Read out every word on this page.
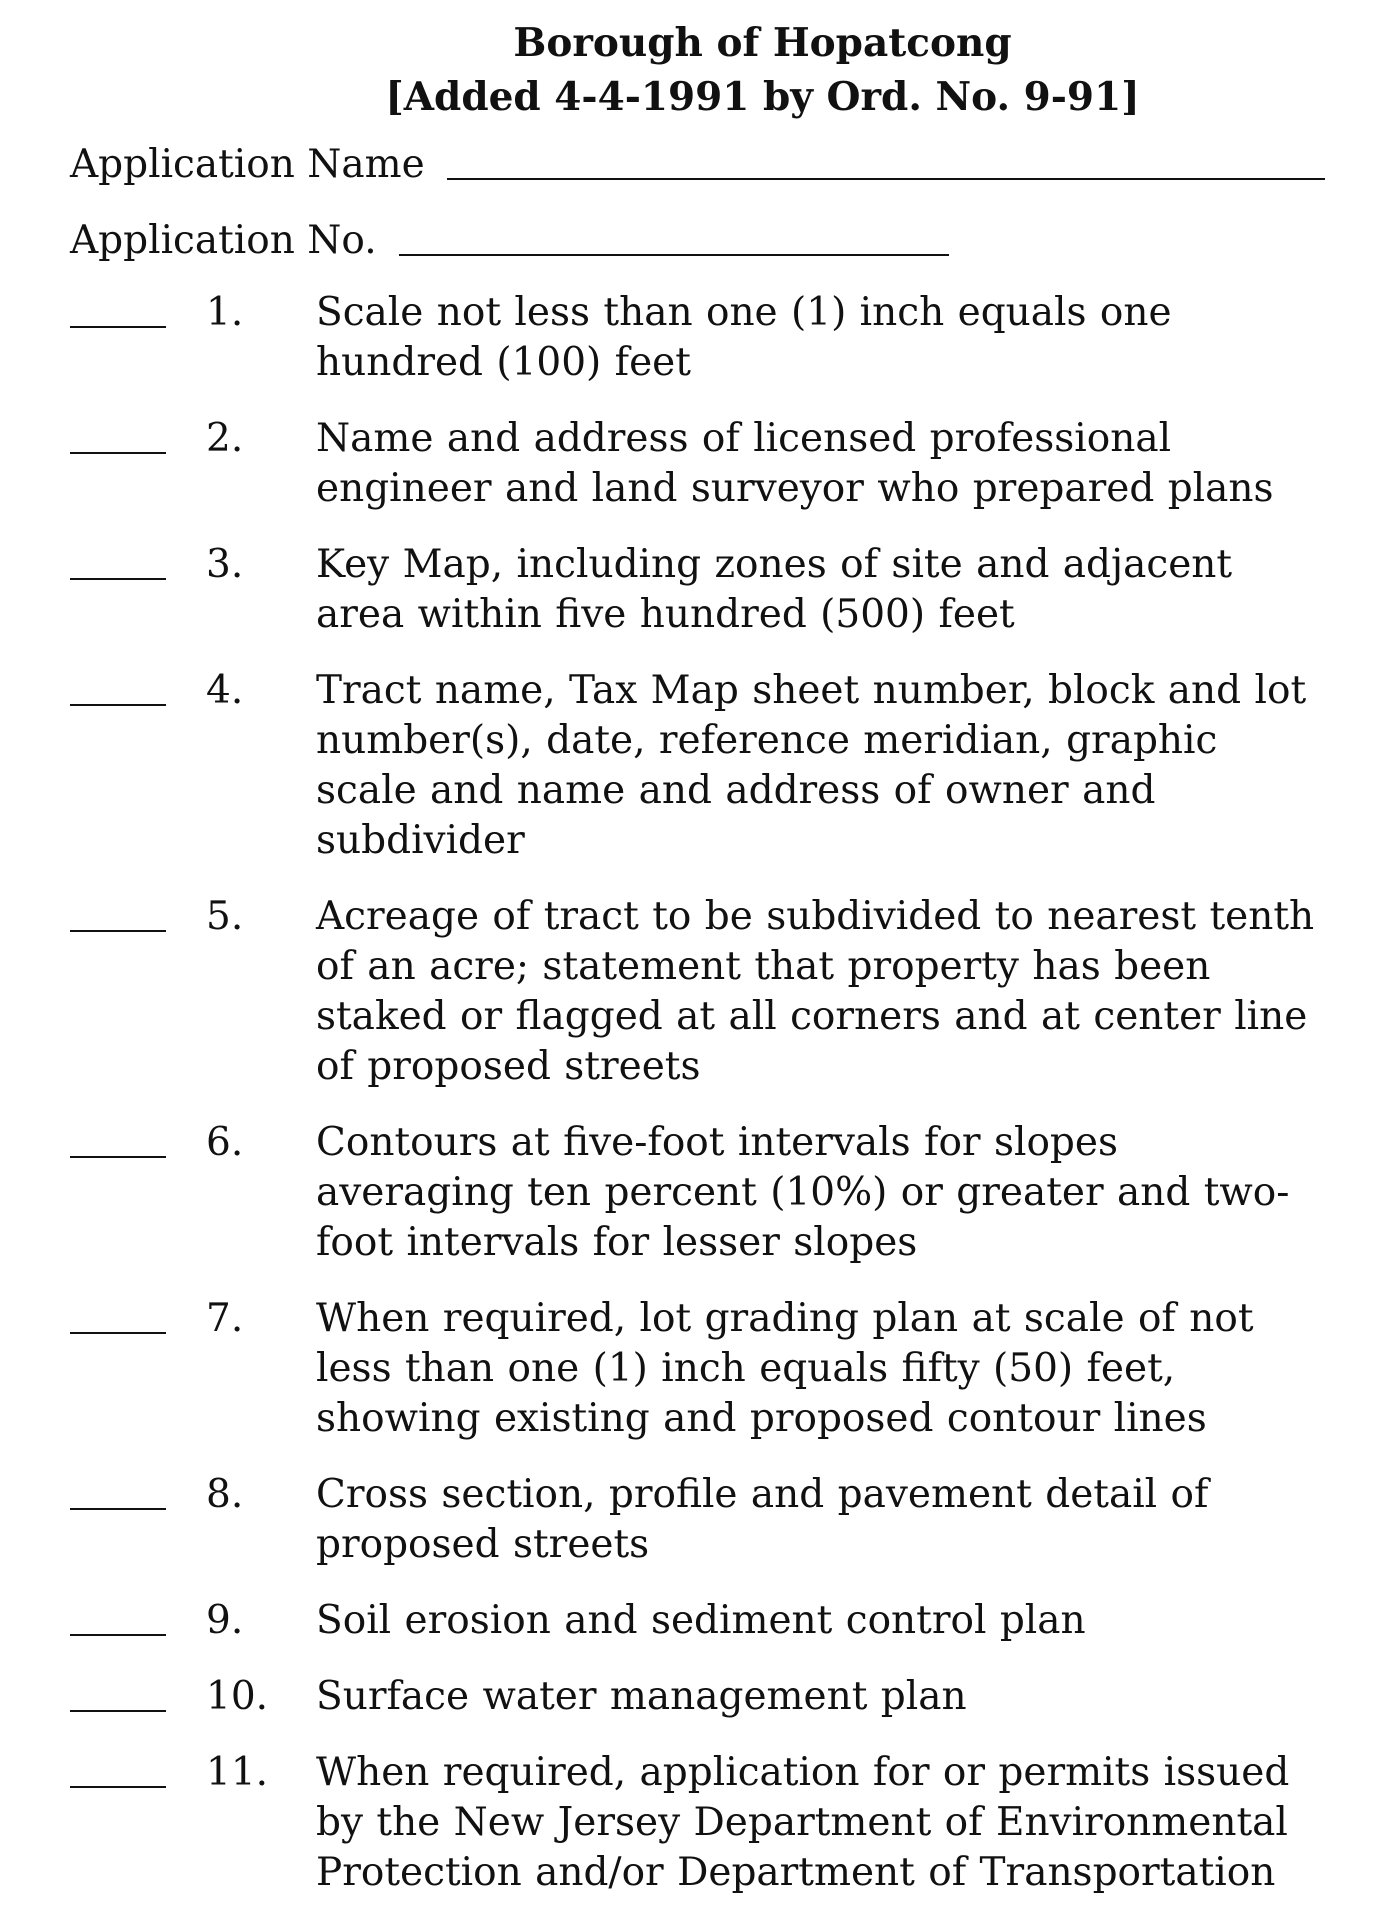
Borough of Hopatcong
[Added 4-4-1991 by Ord. No. 9-91]
Application Name
Application No.
1.	Scale not less than one (1) inch equals one hundred (100) feet
2.	Name and address of licensed professional engineer and land surveyor who prepared plans
3.	Key Map, including zones of site and adjacent area within five hundred (500) feet
4.	Tract name, Tax Map sheet number, block and lot number(s), date, reference meridian, graphic scale and name and address of owner and subdivider
5.	Acreage of tract to be subdivided to nearest tenth of an acre; statement that property has been staked or flagged at all corners and at center line of proposed streets
6.	Contours at five-foot intervals for slopes averaging ten percent (10%) or greater and two-foot intervals for lesser slopes
7.	When required, lot grading plan at scale of not less than one (1) inch equals fifty (50) feet, showing existing and proposed contour lines
8.	Cross section, profile and pavement detail of proposed streets
9.	Soil erosion and sediment control plan
10.	Surface water management plan
11.	When required, application for or permits issued by the New Jersey Department of Environmental Protection and/or Department of Transportation
